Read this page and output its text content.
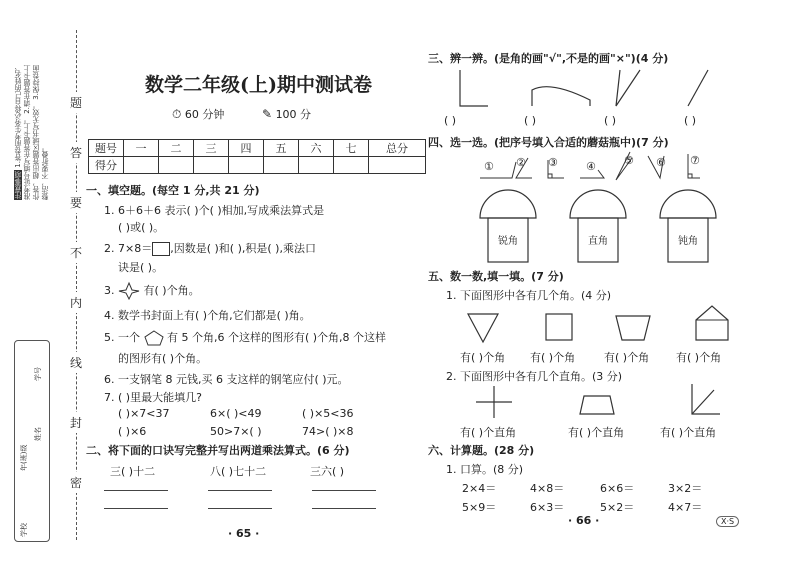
注意事项 1.答卷前考生务必将自己的姓名、准考证号填写在答题卡上。 2.请在答题卡上作答，超出答题区域书写无效。 3.保持卷面整洁，不要折叠。
题
答
要
不
内
线
封
密
学校
年(班)级
姓名
学号
数学二年级(上)期中测试卷
⏱ 60 分钟	✎ 100 分
题号	一	二	三	四	五	六	七	总分
得分								
一、填空题。(每空 1 分,共 21 分)
1. 6＋6＋6 表示( )个( )相加,写成乘法算式是
( )或( )。
2. 7×8＝ ,因数是( )和( ),积是( ),乘法口
诀是( )。
3.	有( )个角。
4. 数学书封面上有( )个角,它们都是( )角。
5. 一个 有 5 个角,6 个这样的图形有( )个角,8 个这样
的图形有( )个角。
6. 一支钢笔 8 元钱,买 6 支这样的钢笔应付( )元。
7. ( )里最大能填几?
( )×7<37	6×( )<49	( )×5<36
( )×6	50>7×( )	74>( )×8
二、将下面的口诀写完整并写出两道乘法算式。(6 分)
三( )十二	八( )七十二	三六( )
· 65 ·
三、辨一辨。(是角的画"√",不是的画"×")(4 分)
( )	( )	( )	( )
四、选一选。(把序号填入合适的蘑菇瓶中)(7 分)
① ② ③	④	⑤ ⑥ ⑦
锐角	直角	钝角
五、数一数,填一填。(7 分)
1. 下面图形中各有几个角。(4 分)
有( )个角 有( )个角	有( )个角 有( )个角
2. 下面图形中各有几个直角。(3 分)
有( )个直角	有( )个直角	有( )个直角
六、计算题。(28 分)
1. 口算。(8 分)
2×4＝	4×8＝	6×6＝	3×2＝
5×9＝	6×3＝	5×2＝	4×7＝
· 66 ·	X·S
